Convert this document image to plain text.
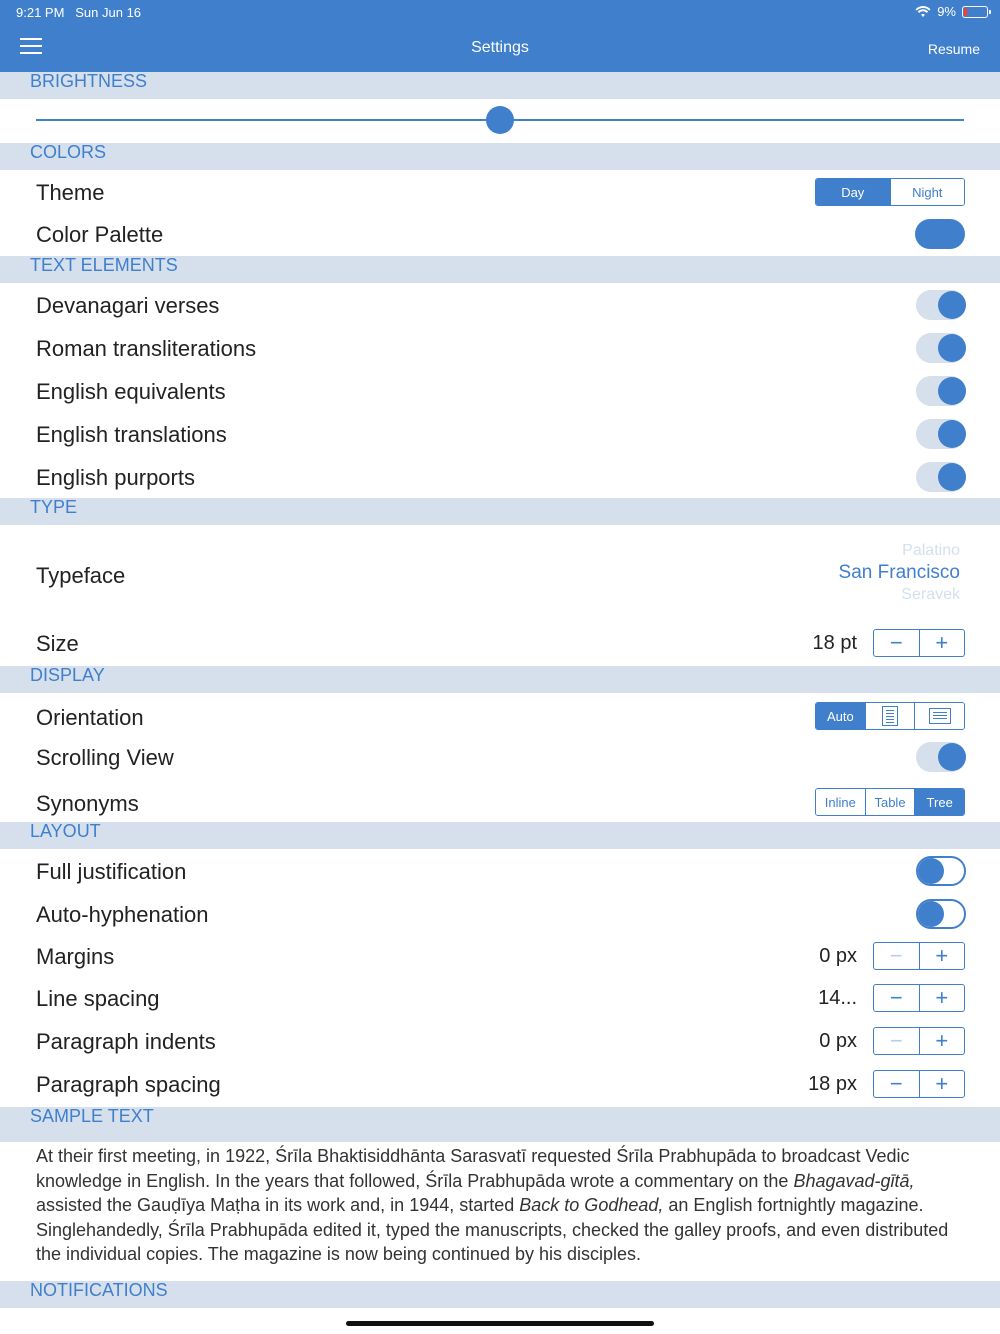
9:21 PM Sun Jun 16	9%
Settings	Resume
BRIGHTNESS
COLORS
Theme	Day	Night
Color Palette
TEXT ELEMENTS
Devanagari verses
Roman transliterations
English equivalents
English translations
English purports
TYPE
Typeface
Palatino
San Francisco
Seravek
Size	18 pt	−	+
DISPLAY
Orientation	Auto
Scrolling View
Synonyms	Inline	Table	Tree
LAYOUT
Full justification
Auto-hyphenation
Margins	0 px	−	+
Line spacing	14...	−	+
Paragraph indents	0 px	−	+
Paragraph spacing	18 px	−	+
SAMPLE TEXT
At their first meeting, in 1922, Śrīla Bhaktisiddhānta Sarasvatī requested Śrīla Prabhupāda to broadcast Vedic knowledge in English. In the years that followed, Śrīla Prabhupāda wrote a commentary on the Bhagavad-gītā, assisted the Gauḍīya Maṭha in its work and, in 1944, started Back to Godhead, an English fortnightly magazine. Singlehandedly, Śrīla Prabhupāda edited it, typed the manuscripts, checked the galley proofs, and even distributed the individual copies. The magazine is now being continued by his disciples.
NOTIFICATIONS
